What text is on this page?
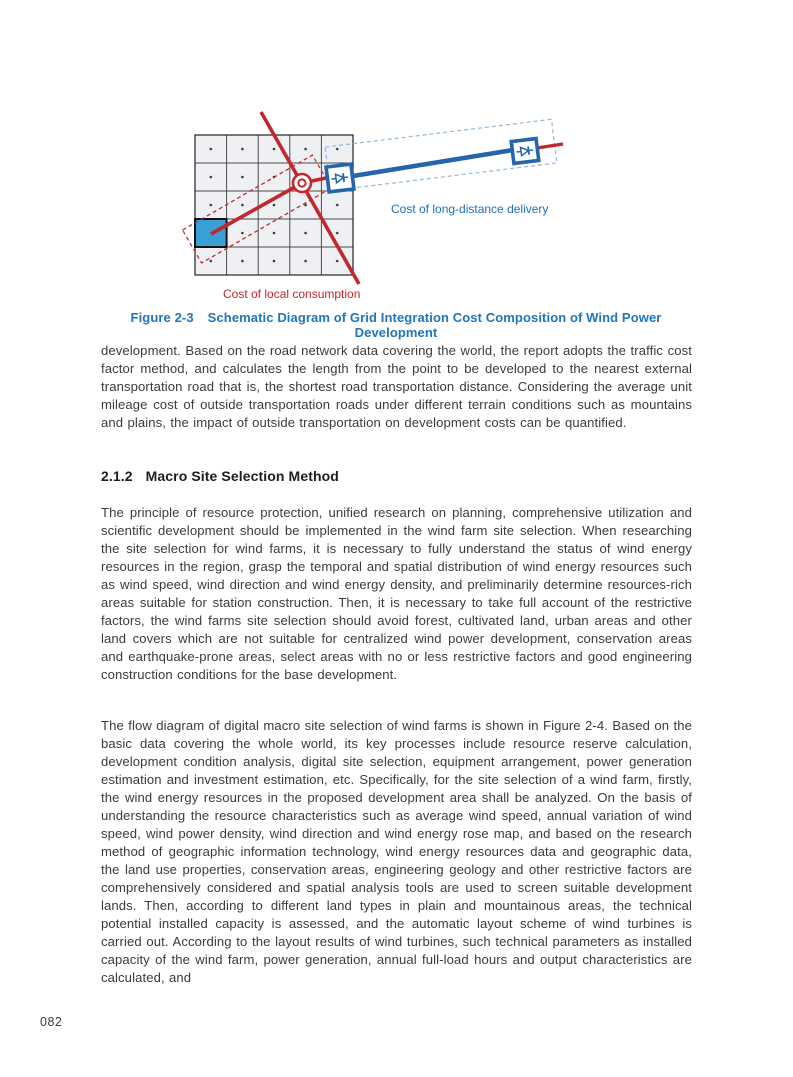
Cost of long-distance delivery
Cost of local consumption
Figure 2-3 Schematic Diagram of Grid Integration Cost Composition of Wind Power Development
development. Based on the road network data covering the world, the report adopts the traffic cost factor method, and calculates the length from the point to be developed to the nearest external transportation road that is, the shortest road transportation distance. Considering the average unit mileage cost of outside transportation roads under different terrain conditions such as mountains and plains, the impact of outside transportation on development costs can be quantified.
2.1.2 Macro Site Selection Method
The principle of resource protection, unified research on planning, comprehensive utilization and scientific development should be implemented in the wind farm site selection. When researching the site selection for wind farms, it is necessary to fully understand the status of wind energy resources in the region, grasp the temporal and spatial distribution of wind energy resources such as wind speed, wind direction and wind energy density, and preliminarily determine resources-rich areas suitable for station construction. Then, it is necessary to take full account of the restrictive factors, the wind farms site selection should avoid forest, cultivated land, urban areas and other land covers which are not suitable for centralized wind power development, conservation areas and earthquake-prone areas, select areas with no or less restrictive factors and good engineering construction conditions for the base development.
The flow diagram of digital macro site selection of wind farms is shown in Figure 2-4. Based on the basic data covering the whole world, its key processes include resource reserve calculation, development condition analysis, digital site selection, equipment arrangement, power generation estimation and investment estimation, etc. Specifically, for the site selection of a wind farm, firstly, the wind energy resources in the proposed development area shall be analyzed. On the basis of understanding the resource characteristics such as average wind speed, annual variation of wind speed, wind power density, wind direction and wind energy rose map, and based on the research method of geographic information technology, wind energy resources data and geographic data, the land use properties, conservation areas, engineering geology and other restrictive factors are comprehensively considered and spatial analysis tools are used to screen suitable development lands. Then, according to different land types in plain and mountainous areas, the technical potential installed capacity is assessed, and the automatic layout scheme of wind turbines is carried out. According to the layout results of wind turbines, such technical parameters as installed capacity of the wind farm, power generation, annual full-load hours and output characteristics are calculated, and
082
